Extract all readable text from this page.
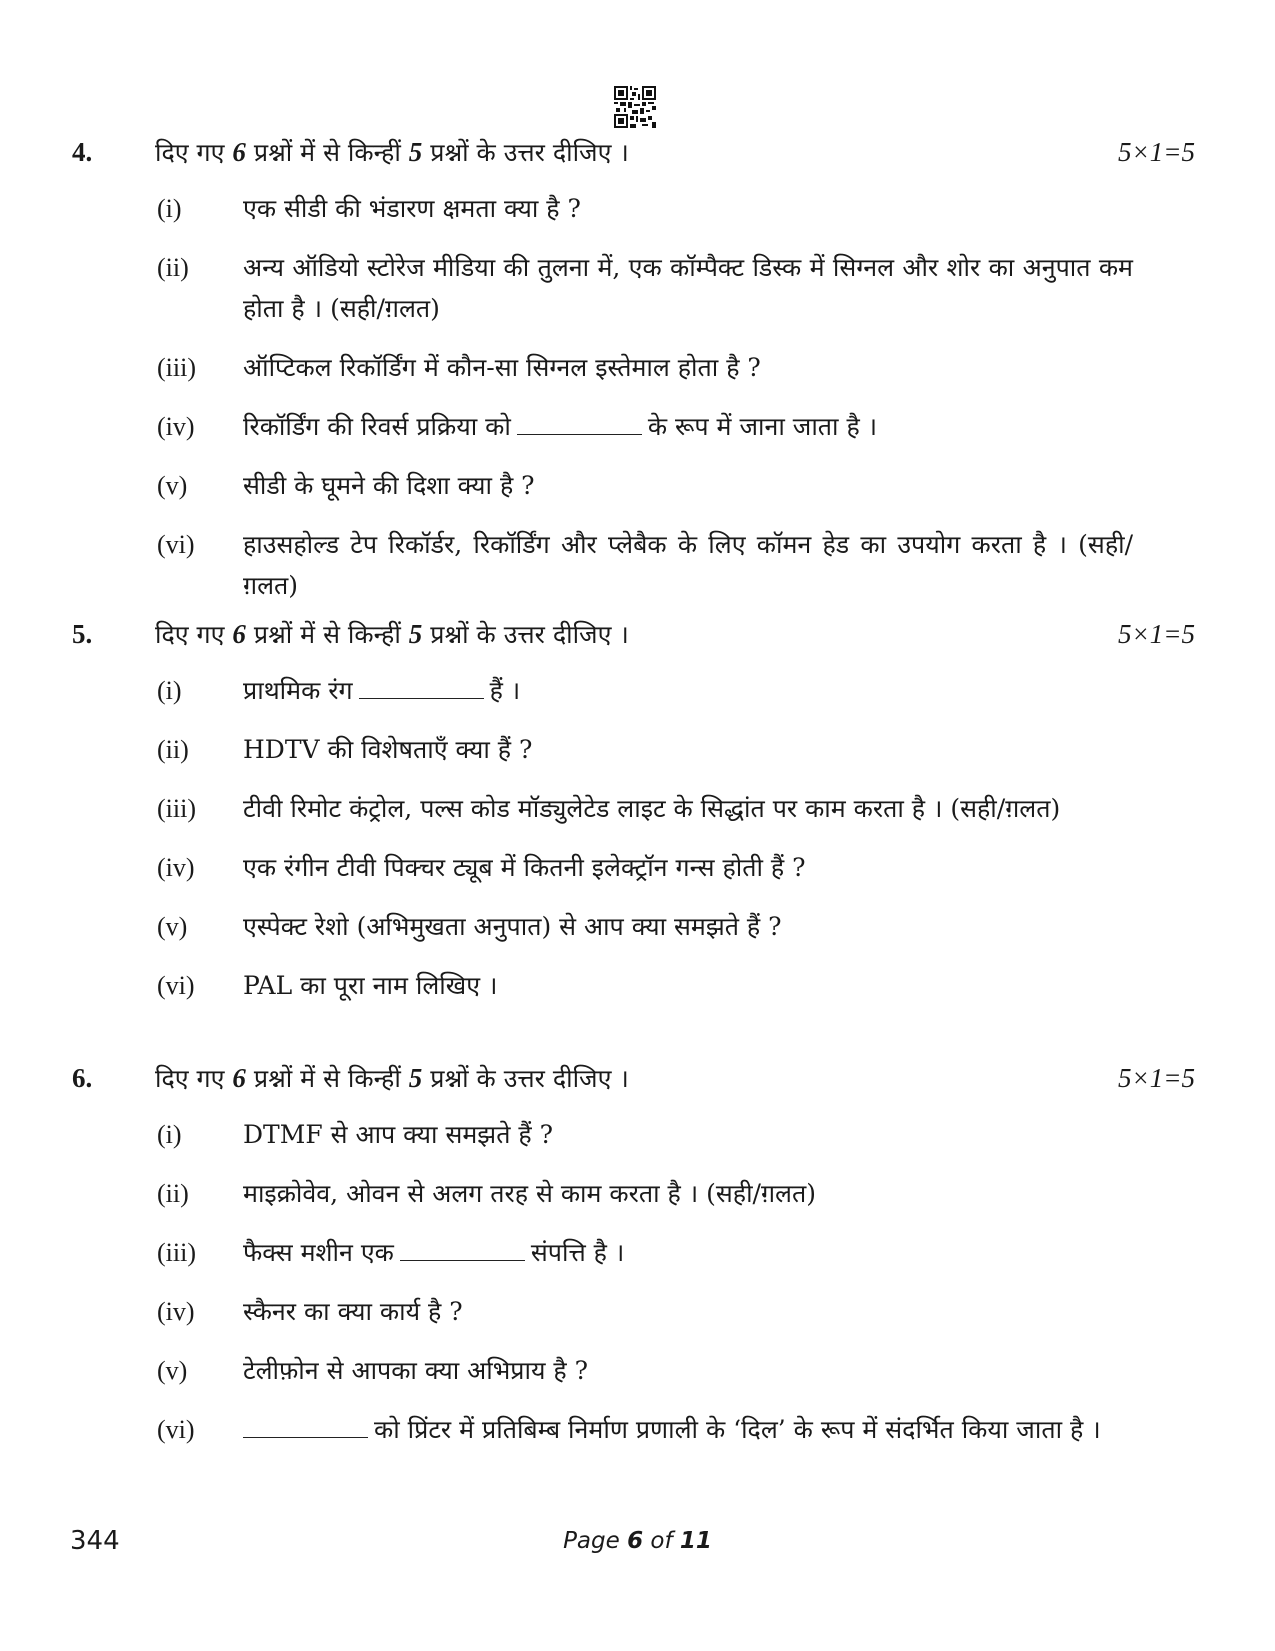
4.	दिए गए 6 प्रश्नों में से किन्हीं 5 प्रश्नों के उत्तर दीजिए ।	5×1=5
(i) एक सीडी की भंडारण क्षमता क्या है ?
(ii) अन्य ऑडियो स्टोरेज मीडिया की तुलना में, एक कॉम्पैक्ट डिस्क में सिग्नल और शोर का अनुपात कम होता है । (सही/ग़लत)
(iii) ऑप्टिकल रिकॉर्डिंग में कौन-सा सिग्नल इस्तेमाल होता है ?
(iv) रिकॉर्डिंग की रिवर्स प्रक्रिया को	के रूप में जाना जाता है ।
(v) सीडी के घूमने की दिशा क्या है ?
(vi) हाउसहोल्ड टेप रिकॉर्डर, रिकॉर्डिंग और प्लेबैक के लिए कॉमन हेड का उपयोग करता है । (सही/ग़लत)
5.	दिए गए 6 प्रश्नों में से किन्हीं 5 प्रश्नों के उत्तर दीजिए ।	5×1=5
(i) प्राथमिक रंग	हैं ।
(ii) HDTV की विशेषताएँ क्या हैं ?
(iii) टीवी रिमोट कंट्रोल, पल्स कोड मॉड्युलेटेड लाइट के सिद्धांत पर काम करता है । (सही/ग़लत)
(iv) एक रंगीन टीवी पिक्चर ट्यूब में कितनी इलेक्ट्रॉन गन्स होती हैं ?
(v) एस्पेक्ट रेशो (अभिमुखता अनुपात) से आप क्या समझते हैं ?
(vi) PAL का पूरा नाम लिखिए ।
6.	दिए गए 6 प्रश्नों में से किन्हीं 5 प्रश्नों के उत्तर दीजिए ।	5×1=5
(i) DTMF से आप क्या समझते हैं ?
(ii) माइक्रोवेव, ओवन से अलग तरह से काम करता है । (सही/ग़लत)
(iii) फैक्स मशीन एक	संपत्ति है ।
(iv) स्कैनर का क्या कार्य है ?
(v) टेलीफ़ोन से आपका क्या अभिप्राय है ?
(vi)	को प्रिंटर में प्रतिबिम्ब निर्माण प्रणाली के ‘दिल’ के रूप में संदर्भित किया जाता है ।
344	Page 6 of 11
